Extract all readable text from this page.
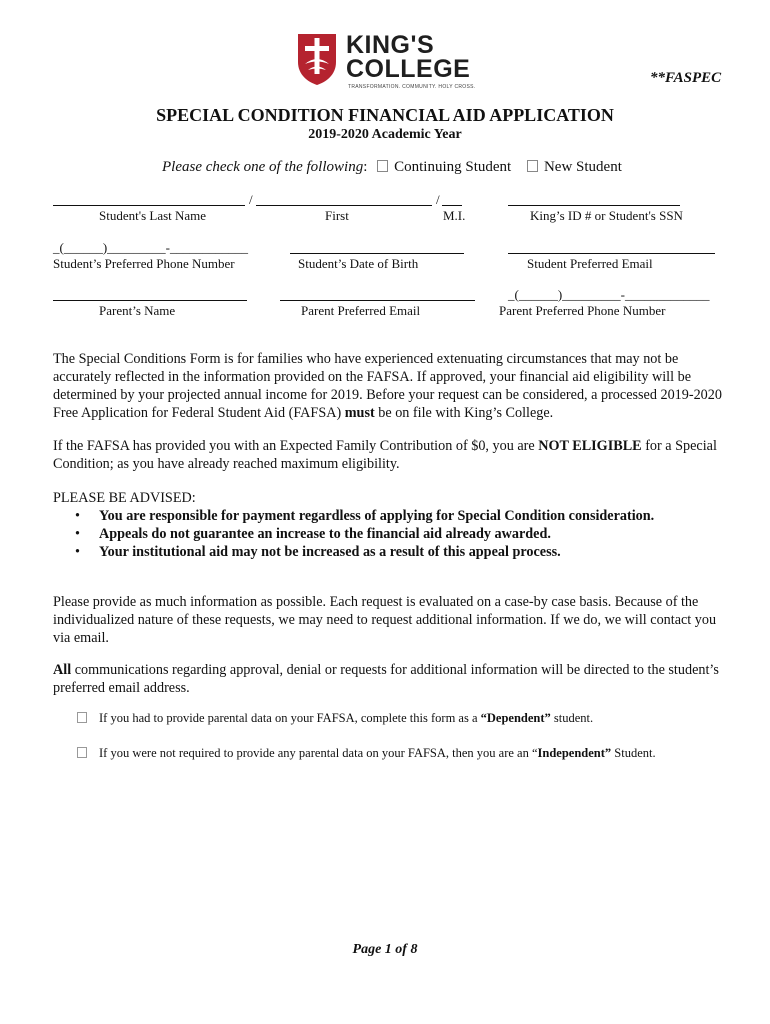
KING'S
COLLEGE
TRANSFORMATION. COMMUNITY. HOLY CROSS.
**FASPEC
SPECIAL CONDITION FINANCIAL AID APPLICATION
2019-2020 Academic Year
Please check one of the following: Continuing Student New Student
/	/
Student's Last Name	First	M.I.	King’s ID # or Student's SSN
_(______)_________-____________
Student’s Preferred Phone Number	Student’s Date of Birth	Student Preferred Email
_(______)_________-_____________
Parent’s Name	Parent Preferred Email	Parent Preferred Phone Number
The Special Conditions Form is for families who have experienced extenuating circumstances that may not be accurately reflected in the information provided on the FAFSA. If approved, your financial aid eligibility will be determined by your projected annual income for 2019. Before your request can be considered, a processed 2019-2020 Free Application for Federal Student Aid (FAFSA) must be on file with King’s College.
If the FAFSA has provided you with an Expected Family Contribution of $0, you are NOT ELIGIBLE for a Special Condition; as you have already reached maximum eligibility.
PLEASE BE ADVISED:
• You are responsible for payment regardless of applying for Special Condition consideration.
• Appeals do not guarantee an increase to the financial aid already awarded.
• Your institutional aid may not be increased as a result of this appeal process.
Please provide as much information as possible. Each request is evaluated on a case-by case basis. Because of the individualized nature of these requests, we may need to request additional information. If we do, we will contact you via email.
All communications regarding approval, denial or requests for additional information will be directed to the student’s preferred email address.
If you had to provide parental data on your FAFSA, complete this form as a “Dependent” student.
If you were not required to provide any parental data on your FAFSA, then you are an “Independent” Student.
Page 1 of 8
